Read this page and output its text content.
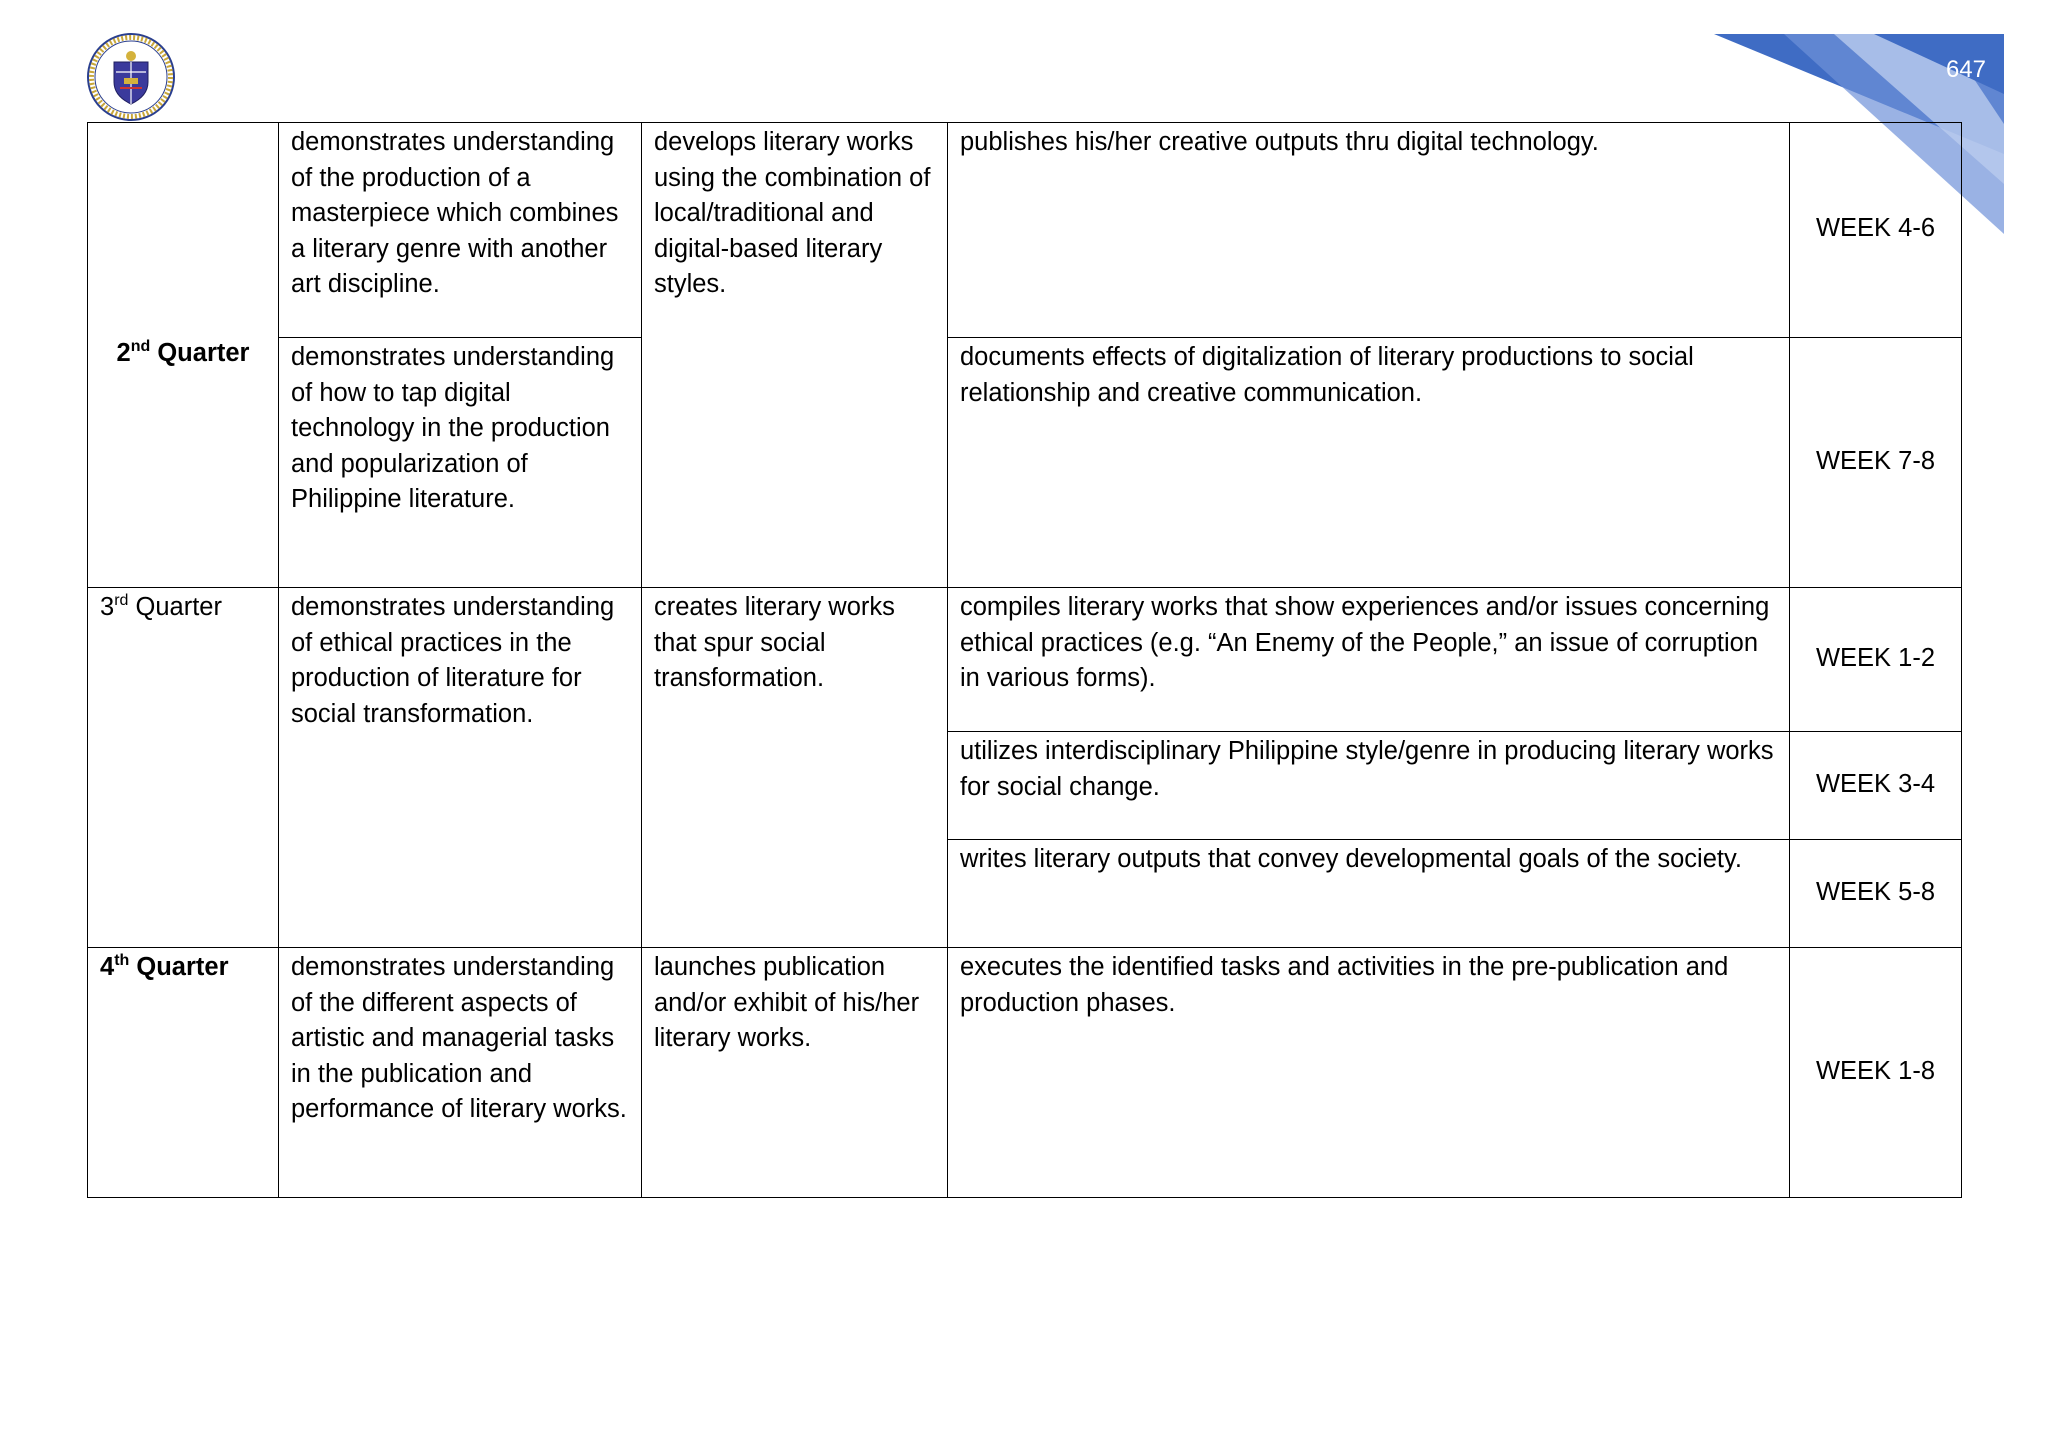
647
2nd Quarter	demonstrates understanding of the production of a masterpiece which combines a literary genre with another art discipline.	develops literary works using the combination of local/traditional and digital-based literary styles.	publishes his/her creative outputs thru digital technology.	WEEK 4-6
	demonstrates understanding of how to tap digital technology in the production and popularization of Philippine literature.		documents effects of digitalization of literary productions to social relationship and creative communication.	WEEK 7-8
3rd Quarter	demonstrates understanding of ethical practices in the production of literature for social transformation.	creates literary works that spur social transformation.	compiles literary works that show experiences and/or issues concerning ethical practices (e.g. “An Enemy of the People,” an issue of corruption in various forms).	WEEK 1-2
			utilizes interdisciplinary Philippine style/genre in producing literary works for social change.	WEEK 3-4
			writes literary outputs that convey developmental goals of the society.	WEEK 5-8
4th Quarter	demonstrates understanding of the different aspects of artistic and managerial tasks in the publication and performance of literary works.	launches publication and/or exhibit of his/her literary works.	executes the identified tasks and activities in the pre-publication and production phases.	WEEK 1-8
